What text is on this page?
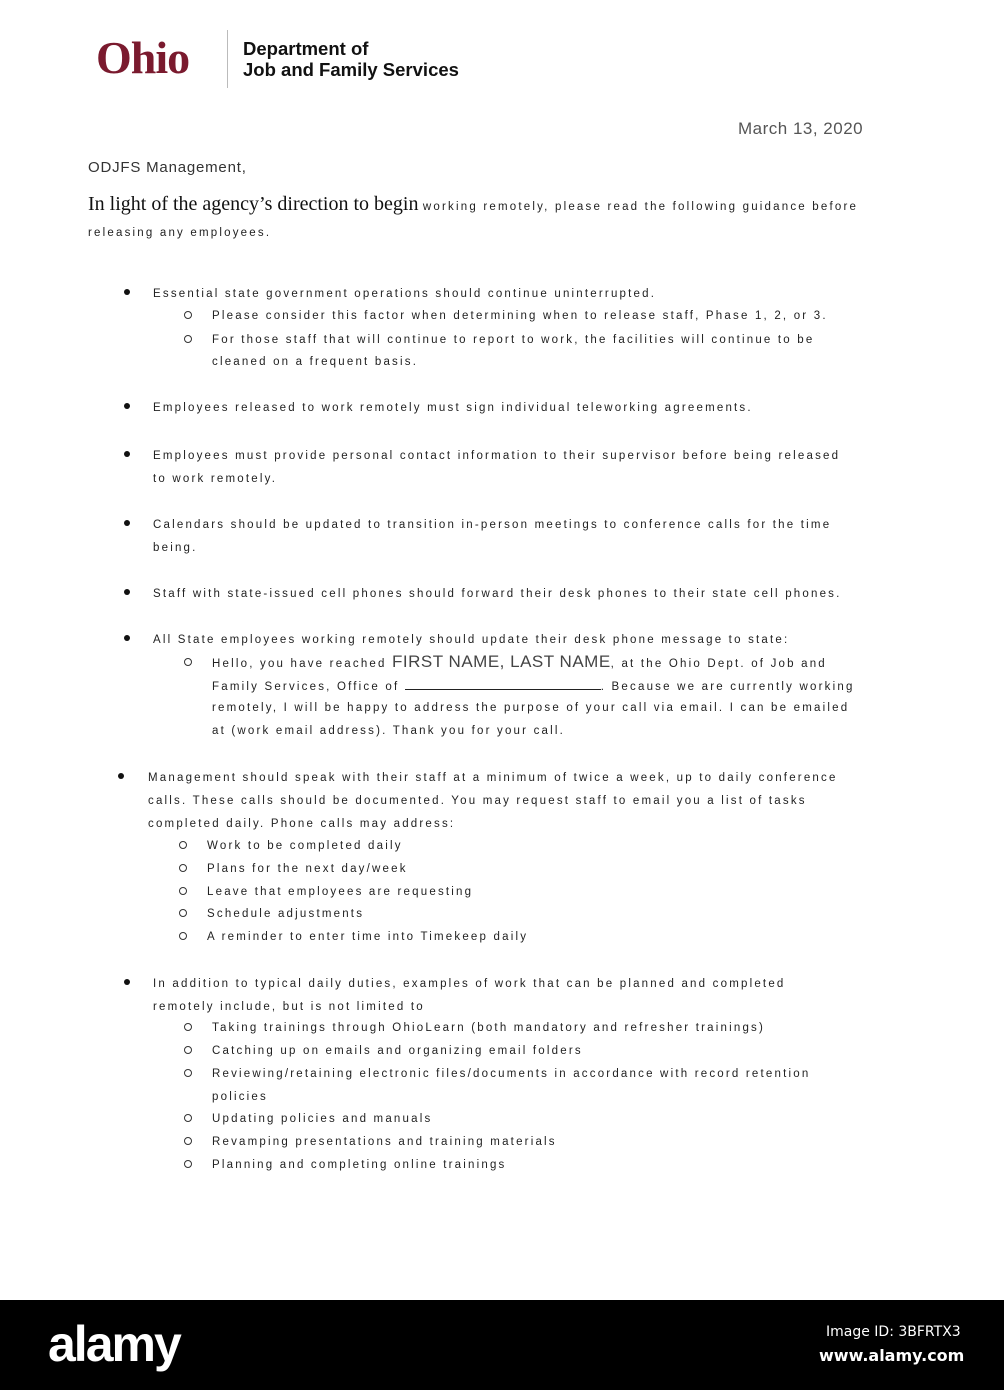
Ohio	Department of
Job and Family Services
March 13, 2020
ODJFS Management,
In light of the agency’s direction to begin working remotely, please read the following guidance before
releasing any employees.
Essential state government operations should continue uninterrupted.
Please consider this factor when determining when to release staff, Phase 1, 2, or 3.
For those staff that will continue to report to work, the facilities will continue to be
cleaned on a frequent basis.
Employees released to work remotely must sign individual teleworking agreements.
Employees must provide personal contact information to their supervisor before being released
to work remotely.
Calendars should be updated to transition in-person meetings to conference calls for the time
being.
Staff with state-issued cell phones should forward their desk phones to their state cell phones.
All State employees working remotely should update their desk phone message to state:
Hello, you have reached FIRST NAME, LAST NAME, at the Ohio Dept. of Job and
Family Services, Office of	. Because we are currently working
remotely, I will be happy to address the purpose of your call via email. I can be emailed
at (work email address). Thank you for your call.
Management should speak with their staff at a minimum of twice a week, up to daily conference
calls. These calls should be documented. You may request staff to email you a list of tasks
completed daily. Phone calls may address:
Work to be completed daily
Plans for the next day/week
Leave that employees are requesting
Schedule adjustments
A reminder to enter time into Timekeep daily
In addition to typical daily duties, examples of work that can be planned and completed
remotely include, but is not limited to
Taking trainings through OhioLearn (both mandatory and refresher trainings)
Catching up on emails and organizing email folders
Reviewing/retaining electronic files/documents in accordance with record retention
policies
Updating policies and manuals
Revamping presentations and training materials
Planning and completing online trainings
alamy	Image ID: 3BFRTX3
www.alamy.com
